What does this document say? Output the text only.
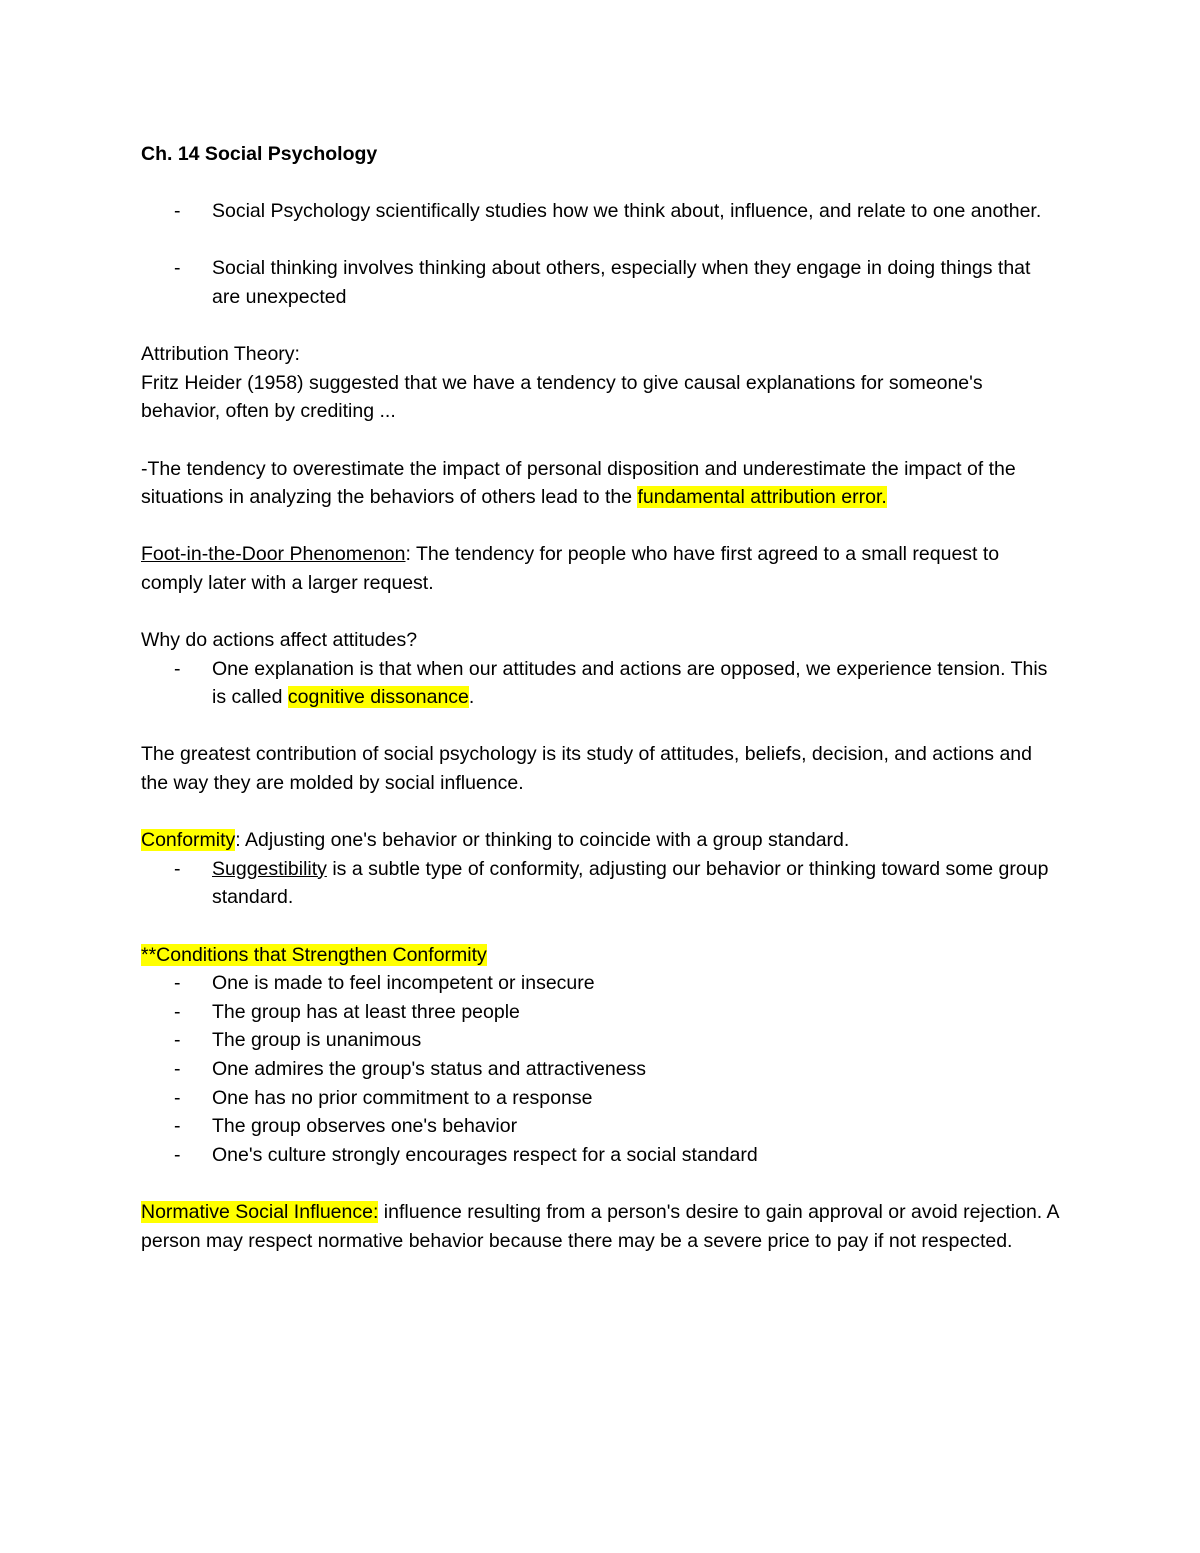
Ch. 14 Social Psychology

- Social Psychology scientifically studies how we think about, influence, and relate to one another.
- Social thinking involves thinking about others, especially when they engage in doing things that are unexpected

Attribution Theory:

Fritz Heider (1958) suggested that we have a tendency to give causal explanations for someone's behavior, often by crediting ...

-The tendency to overestimate the impact of personal disposition and underestimate the impact of the situations in analyzing the behaviors of others lead to the fundamental attribution error.

Foot-in-the-Door Phenomenon: The tendency for people who have first agreed to a small request to comply later with a larger request.

Why do actions affect attitudes?

- One explanation is that when our attitudes and actions are opposed, we experience tension. This is called cognitive dissonance.

The greatest contribution of social psychology is its study of attitudes, beliefs, decision, and actions and the way they are molded by social influence.

Conformity: Adjusting one's behavior or thinking to coincide with a group standard.

- Suggestibility is a subtle type of conformity, adjusting our behavior or thinking toward some group standard.

**Conditions that Strengthen Conformity

- One is made to feel incompetent or insecure
- The group has at least three people
- The group is unanimous
- One admires the group's status and attractiveness
- One has no prior commitment to a response
- The group observes one's behavior
- One's culture strongly encourages respect for a social standard

Normative Social Influence: influence resulting from a person's desire to gain approval or avoid rejection. A person may respect normative behavior because there may be a severe price to pay if not respected.
